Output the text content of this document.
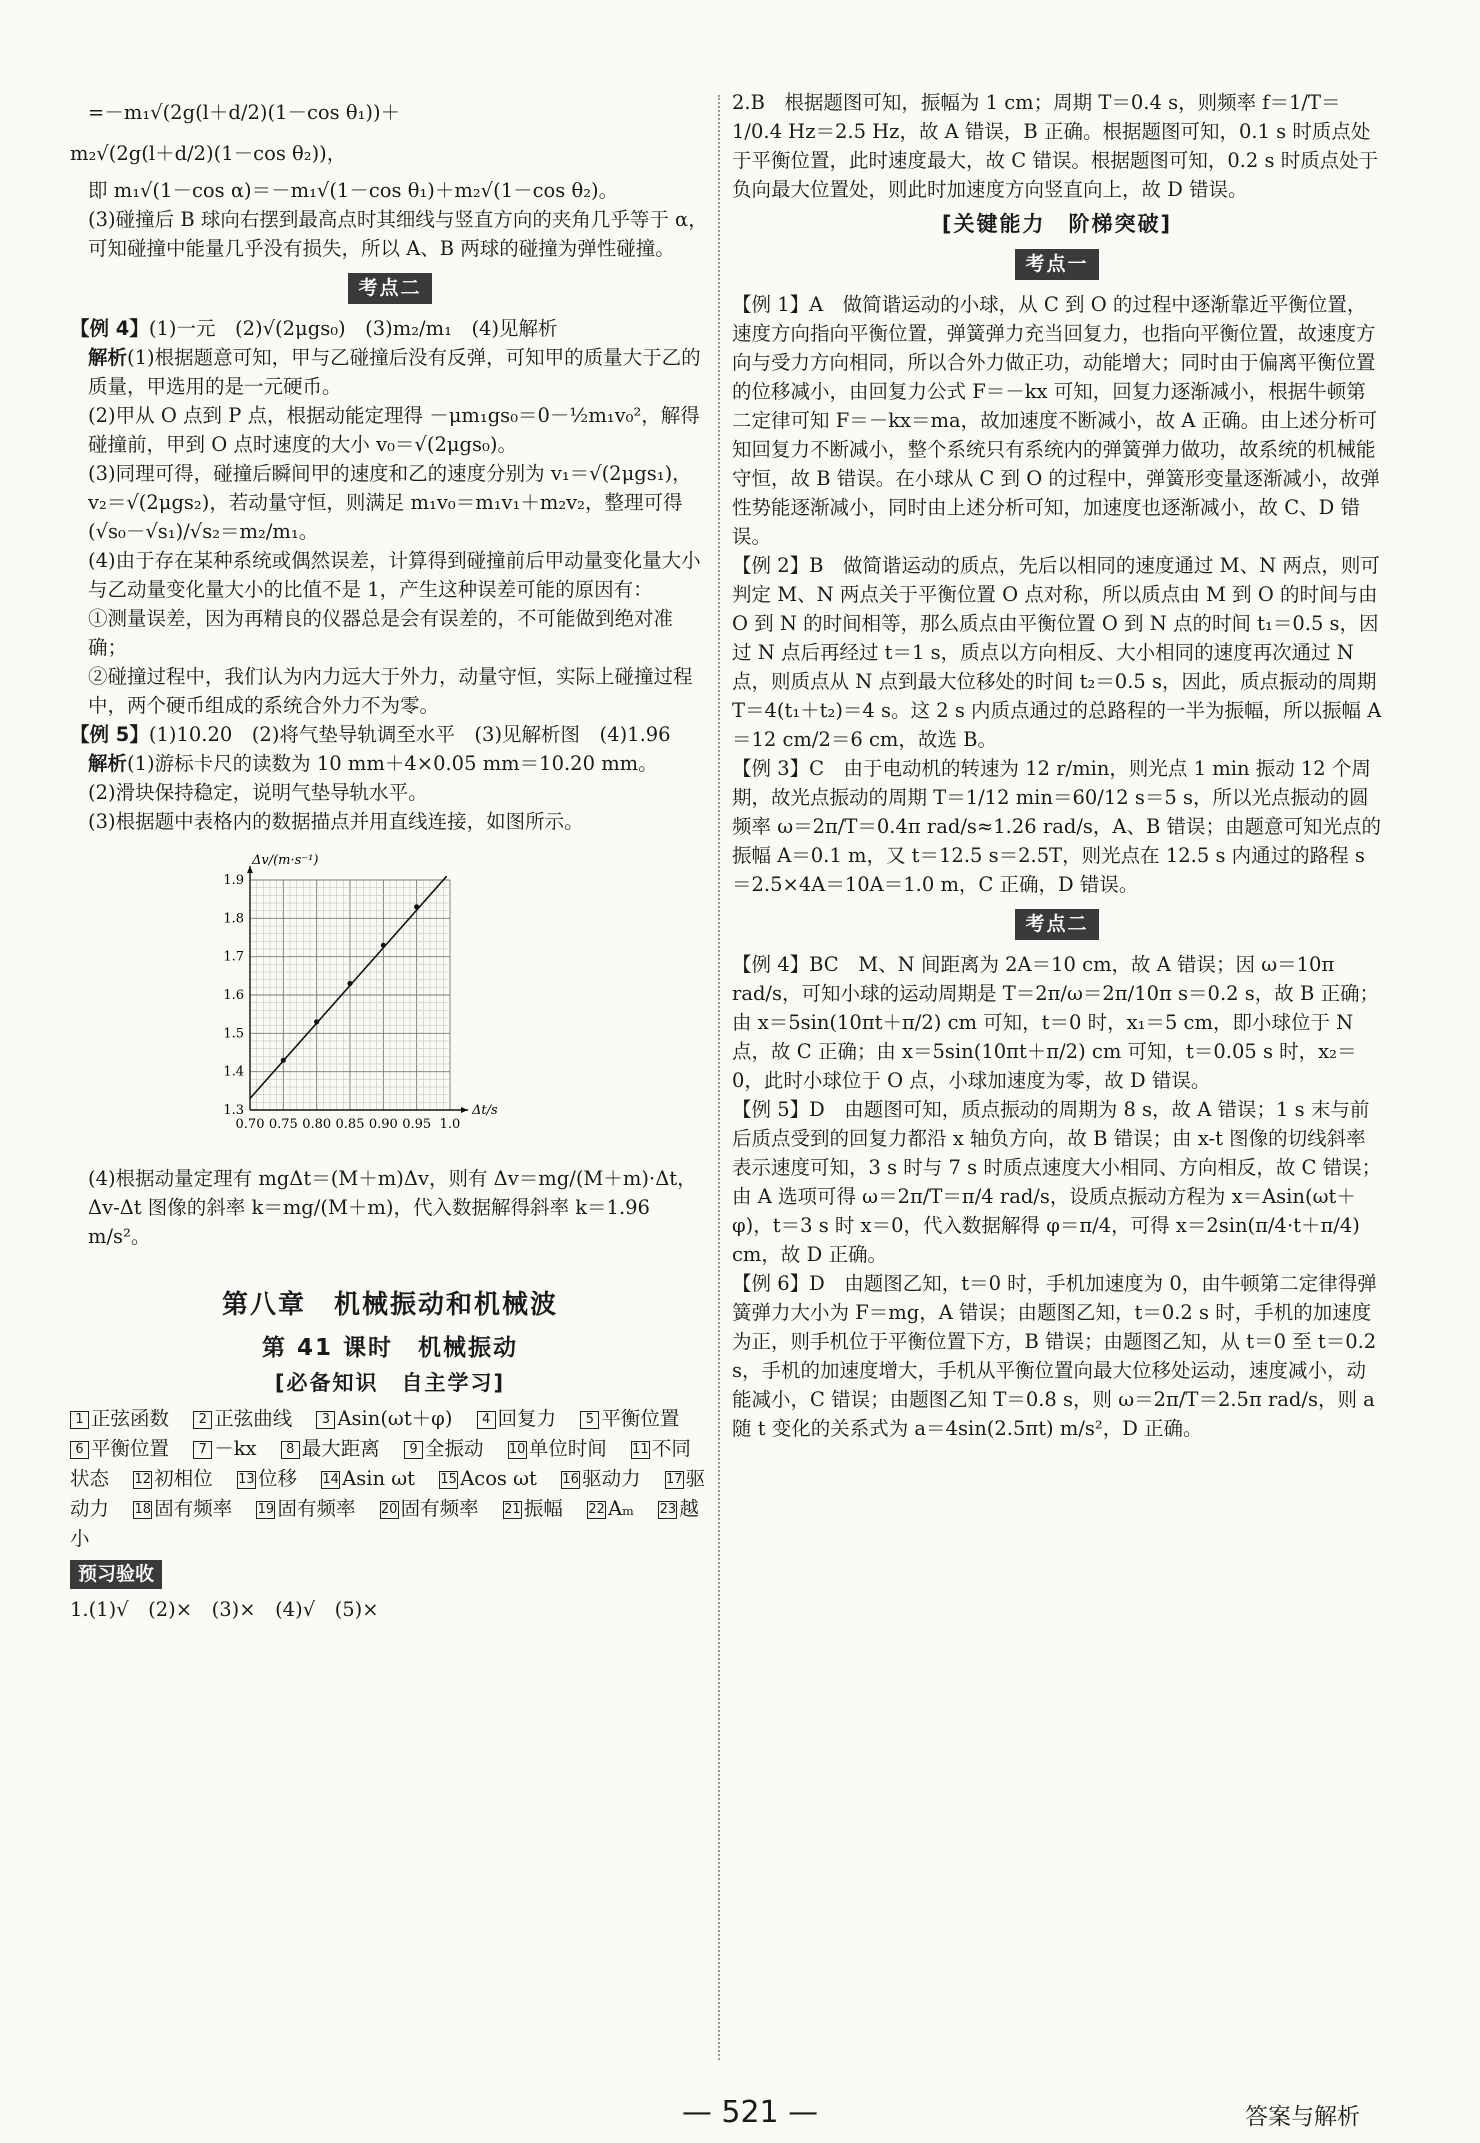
=－m₁√(2g(l＋d/2)(1－cos θ₁))＋

m₂√(2g(l＋d/2)(1－cos θ₂))，

即 m₁√(1－cos α)＝－m₁√(1－cos θ₁)＋m₂√(1－cos θ₂)。

(3)碰撞后 B 球向右摆到最高点时其细线与竖直方向的夹角几乎等于 α，可知碰撞中能量几乎没有损失，所以 A、B 两球的碰撞为弹性碰撞。

考点二

【例 4】(1)一元　(2)√(2μgs₀)　(3)m₂/m₁　(4)见解析

解析(1)根据题意可知，甲与乙碰撞后没有反弹，可知甲的质量大于乙的质量，甲选用的是一元硬币。

(2)甲从 O 点到 P 点，根据动能定理得 －μm₁gs₀＝0－½m₁v₀²，解得碰撞前，甲到 O 点时速度的大小 v₀＝√(2μgs₀)。

(3)同理可得，碰撞后瞬间甲的速度和乙的速度分别为 v₁＝√(2μgs₁)，v₂＝√(2μgs₂)，若动量守恒，则满足 m₁v₀＝m₁v₁＋m₂v₂，整理可得 (√s₀－√s₁)/√s₂＝m₂/m₁。

(4)由于存在某种系统或偶然误差，计算得到碰撞前后甲动量变化量大小与乙动量变化量大小的比值不是 1，产生这种误差可能的原因有：

①测量误差，因为再精良的仪器总是会有误差的，不可能做到绝对准确；

②碰撞过程中，我们认为内力远大于外力，动量守恒，实际上碰撞过程中，两个硬币组成的系统合外力不为零。

【例 5】(1)10.20　(2)将气垫导轨调至水平　(3)见解析图　(4)1.96

解析(1)游标卡尺的读数为 10 mm＋4×0.05 mm＝10.20 mm。

(2)滑块保持稳定，说明气垫导轨水平。

(3)根据题中表格内的数据描点并用直线连接，如图所示。

0.70 0.75 0.80 0.85 0.90 0.95 1.0
1.3
1.4
1.5
1.6
1.7
1.8
1.9
Δt/s
Δv/(m·s⁻¹)

(4)根据动量定理有 mgΔt＝(M＋m)Δv，则有 Δv＝mg/(M＋m)·Δt，

Δv-Δt 图像的斜率 k＝mg/(M＋m)，代入数据解得斜率 k＝1.96 m/s²。

第八章　机械振动和机械波
第 41 课时　机械振动
[必备知识　自主学习]
1 正弦函数 2 正弦曲线 3 Asin(ωt＋φ) 4 回复力 5 平衡位置 6 平衡位置 7 －kx 8 最大距离 9 全振动 10 单位时间 11 不同状态 12 初相位 13 位移 14 Asin ωt 15 Acos ωt 16 驱动力 17 驱动力 18 固有频率 19 固有频率 20 固有频率 21 振幅 22 Aₘ 23 越小
预习验收

1.(1)√　(2)×　(3)×　(4)√　(5)×

2.B　根据题图可知，振幅为 1 cm；周期 T＝0.4 s，则频率 f＝1/T＝1/0.4 Hz＝2.5 Hz，故 A 错误，B 正确。根据题图可知，0.1 s 时质点处于平衡位置，此时速度最大，故 C 错误。根据题图可知，0.2 s 时质点处于负向最大位置处，则此时加速度方向竖直向上，故 D 错误。

[关键能力　阶梯突破]
考点一

【例 1】A　做简谐运动的小球，从 C 到 O 的过程中逐渐靠近平衡位置，速度方向指向平衡位置，弹簧弹力充当回复力，也指向平衡位置，故速度方向与受力方向相同，所以合外力做正功，动能增大；同时由于偏离平衡位置的位移减小，由回复力公式 F＝－kx 可知，回复力逐渐减小，根据牛顿第二定律可知 F＝－kx＝ma，故加速度不断减小，故 A 正确。由上述分析可知回复力不断减小，整个系统只有系统内的弹簧弹力做功，故系统的机械能守恒，故 B 错误。在小球从 C 到 O 的过程中，弹簧形变量逐渐减小，故弹性势能逐渐减小，同时由上述分析可知，加速度也逐渐减小，故 C、D 错误。

【例 2】B　做简谐运动的质点，先后以相同的速度通过 M、N 两点，则可判定 M、N 两点关于平衡位置 O 点对称，所以质点由 M 到 O 的时间与由 O 到 N 的时间相等，那么质点由平衡位置 O 到 N 点的时间 t₁＝0.5 s，因过 N 点后再经过 t＝1 s，质点以方向相反、大小相同的速度再次通过 N 点，则质点从 N 点到最大位移处的时间 t₂＝0.5 s，因此，质点振动的周期 T＝4(t₁＋t₂)＝4 s。这 2 s 内质点通过的总路程的一半为振幅，所以振幅 A＝12 cm/2＝6 cm，故选 B。

【例 3】C　由于电动机的转速为 12 r/min，则光点 1 min 振动 12 个周期，故光点振动的周期 T＝1/12 min＝60/12 s＝5 s，所以光点振动的圆频率 ω＝2π/T＝0.4π rad/s≈1.26 rad/s，A、B 错误；由题意可知光点的振幅 A＝0.1 m，又 t＝12.5 s＝2.5T，则光点在 12.5 s 内通过的路程 s＝2.5×4A＝10A＝1.0 m，C 正确，D 错误。

考点二

【例 4】BC　M、N 间距离为 2A＝10 cm，故 A 错误；因 ω＝10π rad/s，可知小球的运动周期是 T＝2π/ω＝2π/10π s＝0.2 s，故 B 正确；由 x＝5sin(10πt＋π/2) cm 可知，t＝0 时，x₁＝5 cm，即小球位于 N 点，故 C 正确；由 x＝5sin(10πt＋π/2) cm 可知，t＝0.05 s 时，x₂＝0，此时小球位于 O 点，小球加速度为零，故 D 错误。

【例 5】D　由题图可知，质点振动的周期为 8 s，故 A 错误；1 s 末与前后质点受到的回复力都沿 x 轴负方向，故 B 错误；由 x-t 图像的切线斜率表示速度可知，3 s 时与 7 s 时质点速度大小相同、方向相反，故 C 错误；由 A 选项可得 ω＝2π/T＝π/4 rad/s，设质点振动方程为 x＝Asin(ωt＋φ)，t＝3 s 时 x＝0，代入数据解得 φ＝π/4，可得 x＝2sin(π/4·t＋π/4) cm，故 D 正确。

【例 6】D　由题图乙知，t＝0 时，手机加速度为 0，由牛顿第二定律得弹簧弹力大小为 F＝mg，A 错误；由题图乙知，t＝0.2 s 时，手机的加速度为正，则手机位于平衡位置下方，B 错误；由题图乙知，从 t＝0 至 t＝0.2 s，手机的加速度增大，手机从平衡位置向最大位移处运动，速度减小，动能减小，C 错误；由题图乙知 T＝0.8 s，则 ω＝2π/T＝2.5π rad/s，则 a 随 t 变化的关系式为 a＝4sin(2.5πt) m/s²，D 正确。

— 521 —	答案与解析
